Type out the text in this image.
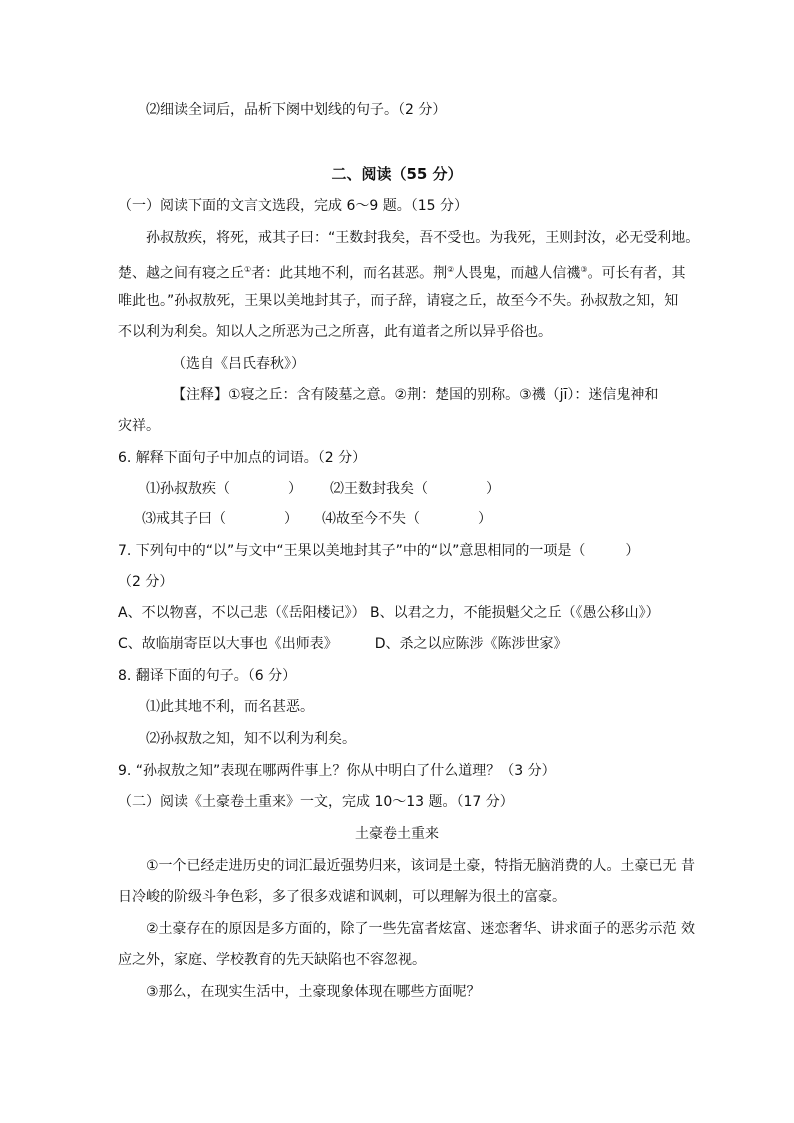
⑵细读全词后，品析下阕中划线的句子。（2 分）
二、阅读（55 分）
（一）阅读下面的文言文选段，完成 6～9 题。（15 分）
孙叔敖疾，将死，戒其子曰：“王数封我矣，吾不受也。为我死，王则封汝，必无受利地。
楚、越之间有寝之丘①者：此其地不利，而名甚恶。荆②人畏鬼，而越人信禨③。可长有者，其
唯此也。”孙叔敖死，王果以美地封其子，而子辞，请寝之丘，故至今不失。孙叔敖之知，知
不以利为利矣。知以人之所恶为己之所喜，此有道者之所以异乎俗也。
（选自《吕氏春秋》）
【注释】①寝之丘：含有陵墓之意。②荆：楚国的别称。③禨（jī）：迷信鬼神和
灾祥。
6. 解释下面句子中加点的词语。（2 分）
⑴孙叔敖疾（	） ⑵王数封我矣（	）
⑶戒其子曰（	） ⑷故至今不失（	）
7. 下列句中的“以”与文中“王果以美地封其子”中的“以”意思相同的一项是（	）
（2 分）
A、不以物喜，不以己悲（《岳阳楼记》） B、以君之力，不能损魁父之丘（《愚公移山》）
C、故临崩寄臣以大事也《出师表》	D、杀之以应陈涉《陈涉世家》
8. 翻译下面的句子。（6 分）
⑴此其地不利，而名甚恶。
⑵孙叔敖之知，知不以利为利矣。
9. “孙叔敖之知”表现在哪两件事上？你从中明白了什么道理？（3 分）
（二）阅读《土豪卷土重来》一文，完成 10～13 题。（17 分）
土豪卷土重来
①一个已经走进历史的词汇最近强势归来，该词是土豪，特指无脑消费的人。土豪已无 昔
日冷峻的阶级斗争色彩，多了很多戏谑和讽刺，可以理解为很土的富豪。
②土豪存在的原因是多方面的，除了一些先富者炫富、迷恋奢华、讲求面子的恶劣示范 效
应之外，家庭、学校教育的先天缺陷也不容忽视。
③那么，在现实生活中，土豪现象体现在哪些方面呢？
